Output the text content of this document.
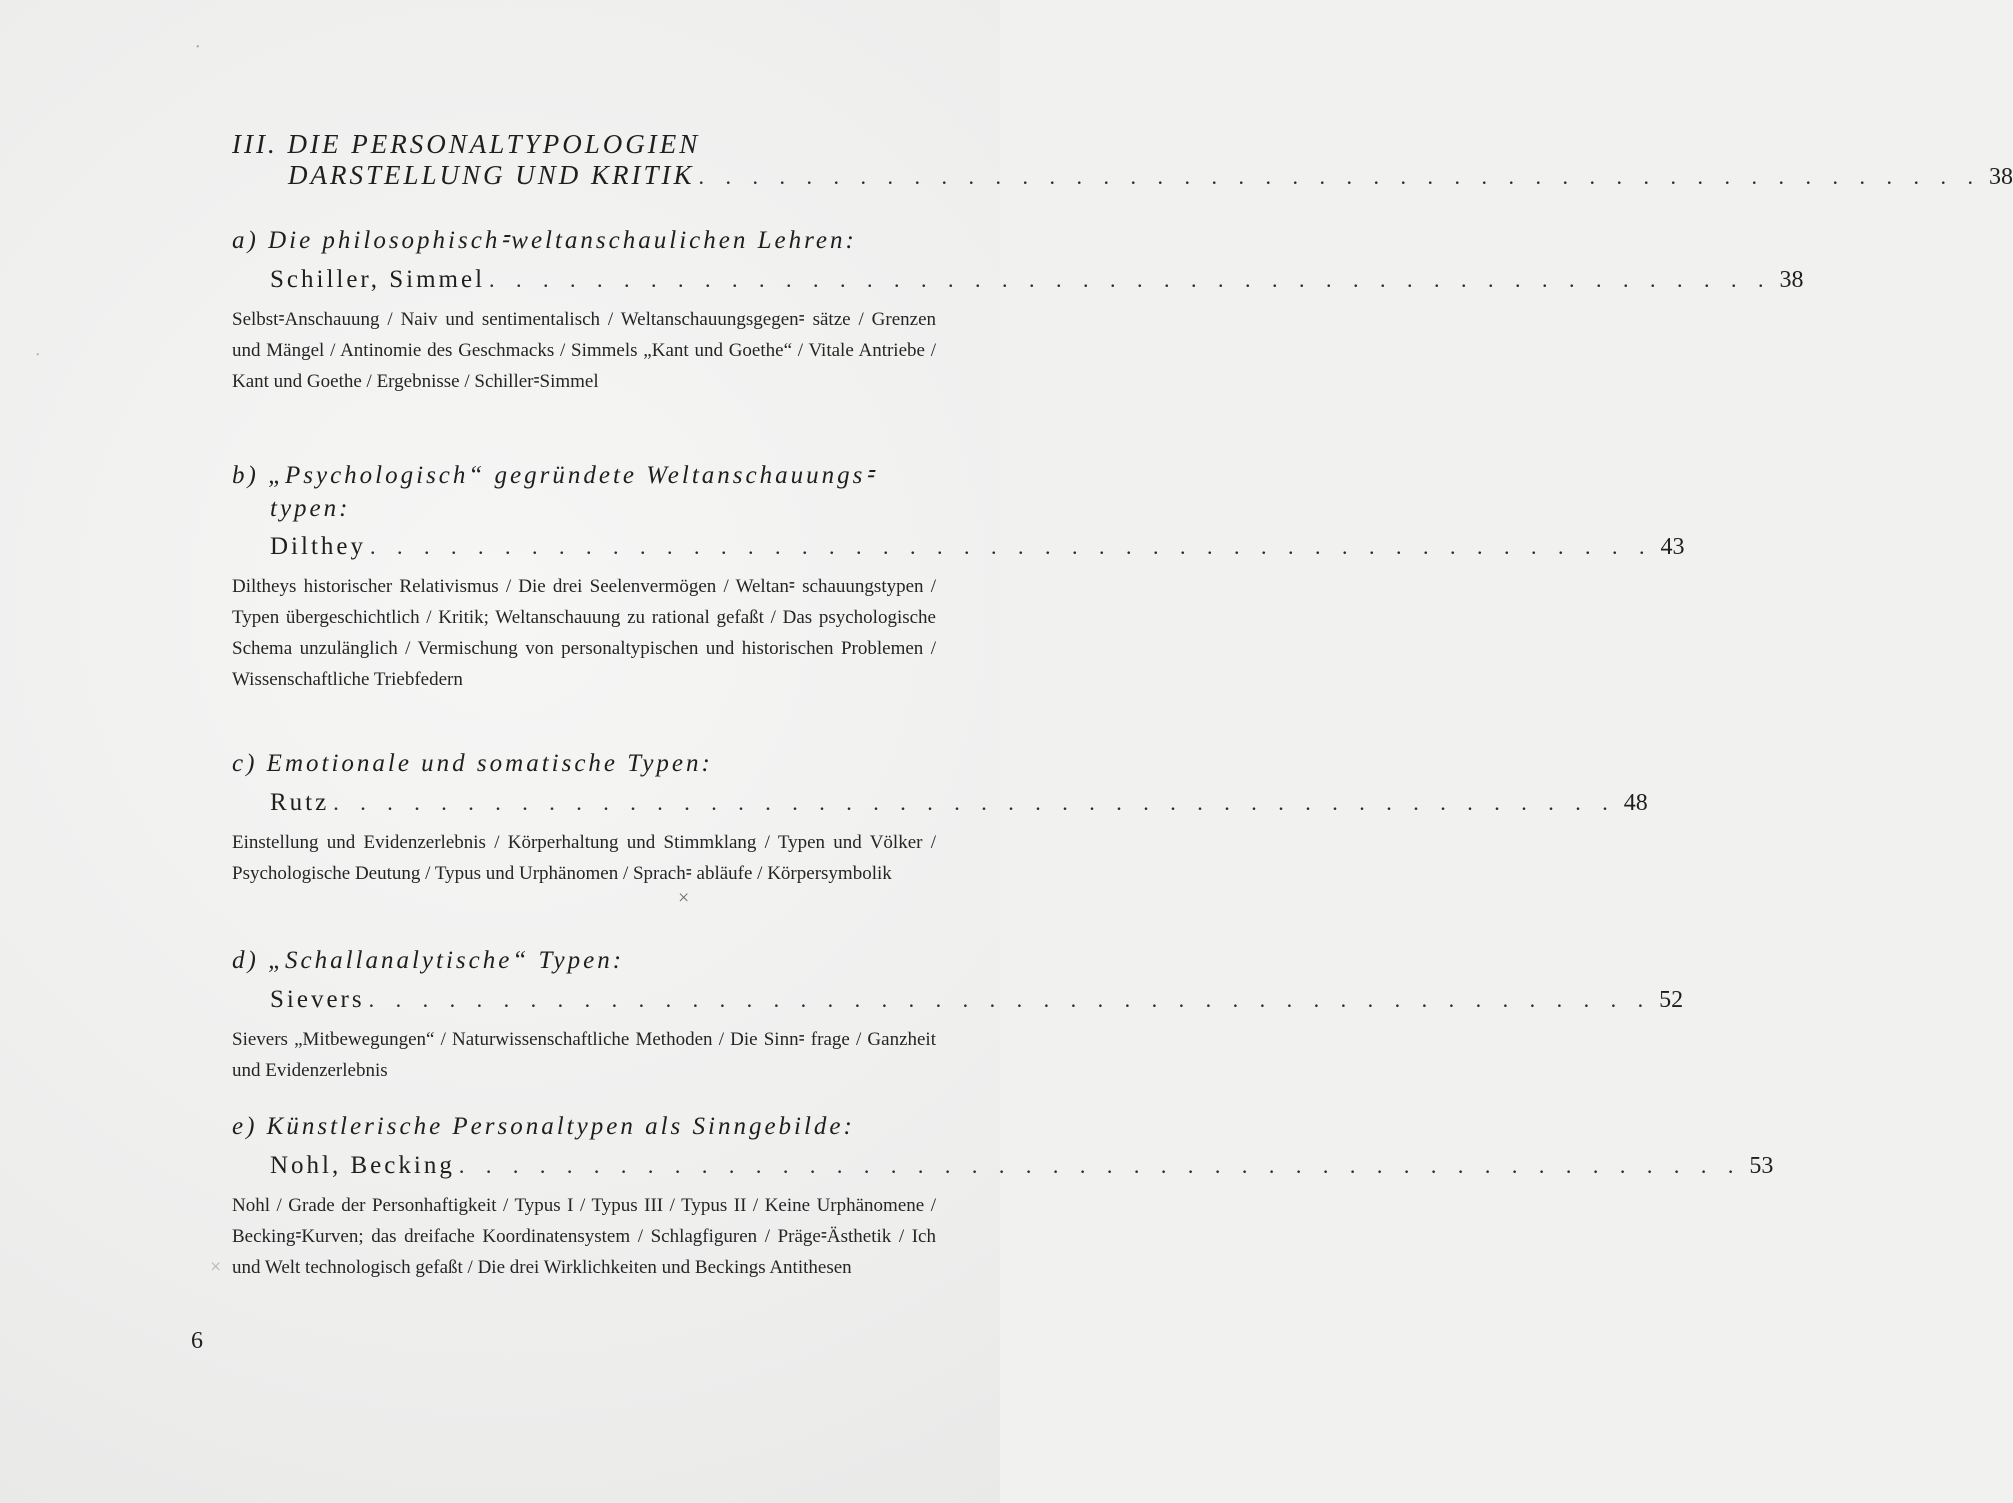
III. DIE PERSONALTYPOLOGIEN
DARSTELLUNG UND KRITIK . . . . . . . . . . . . . . . . . . . . . . . . . . . . . . . . . . . . . . . . . . . . . . . . 38
a) Die philosophisch⹀weltanschaulichen Lehren:
Schiller, Simmel . . . . . . . . . . . . . . . . . . . . . . . . . . . . . . . . . . . . . . . . . . . . . . . . 38
Selbst⹀Anschauung / Naiv und sentimentalisch / Weltanschauungsgegen⹀ sätze / Grenzen und Mängel / Antinomie des Geschmacks / Simmels „Kant und Goethe“ / Vitale Antriebe / Kant und Goethe / Ergebnisse / Schiller⹀Simmel
b) „Psychologisch“ gegründete Weltanschauungs⹀
typen:
Dilthey . . . . . . . . . . . . . . . . . . . . . . . . . . . . . . . . . . . . . . . . . . . . . . . . 43
Diltheys historischer Relativismus / Die drei Seelenvermögen / Weltan⹀ schauungstypen / Typen übergeschichtlich / Kritik; Weltanschauung zu rational gefaßt / Das psychologische Schema unzulänglich / Vermischung von personaltypischen und historischen Problemen / Wissenschaftliche Triebfedern
c) Emotionale und somatische Typen:
Rutz . . . . . . . . . . . . . . . . . . . . . . . . . . . . . . . . . . . . . . . . . . . . . . . . 48
Einstellung und Evidenzerlebnis / Körperhaltung und Stimmklang / Typen und Völker / Psychologische Deutung / Typus und Urphänomen / Sprach⹀ abläufe / Körpersymbolik
d) „Schallanalytische“ Typen:
Sievers . . . . . . . . . . . . . . . . . . . . . . . . . . . . . . . . . . . . . . . . . . . . . . . . 52
Sievers „Mitbewegungen“ / Naturwissenschaftliche Methoden / Die Sinn⹀ frage / Ganzheit und Evidenzerlebnis
e) Künstlerische Personaltypen als Sinngebilde:
Nohl, Becking . . . . . . . . . . . . . . . . . . . . . . . . . . . . . . . . . . . . . . . . . . . . . . . . 53
Nohl / Grade der Personhaftigkeit / Typus I / Typus III / Typus II / Keine Urphänomene / Becking⹀Kurven; das dreifache Koordinatensystem / Schlagfiguren / Präge⹀Ästhetik / Ich und Welt technologisch gefaßt / Die drei Wirklichkeiten und Beckings Antithesen
6
×
×
•
•
